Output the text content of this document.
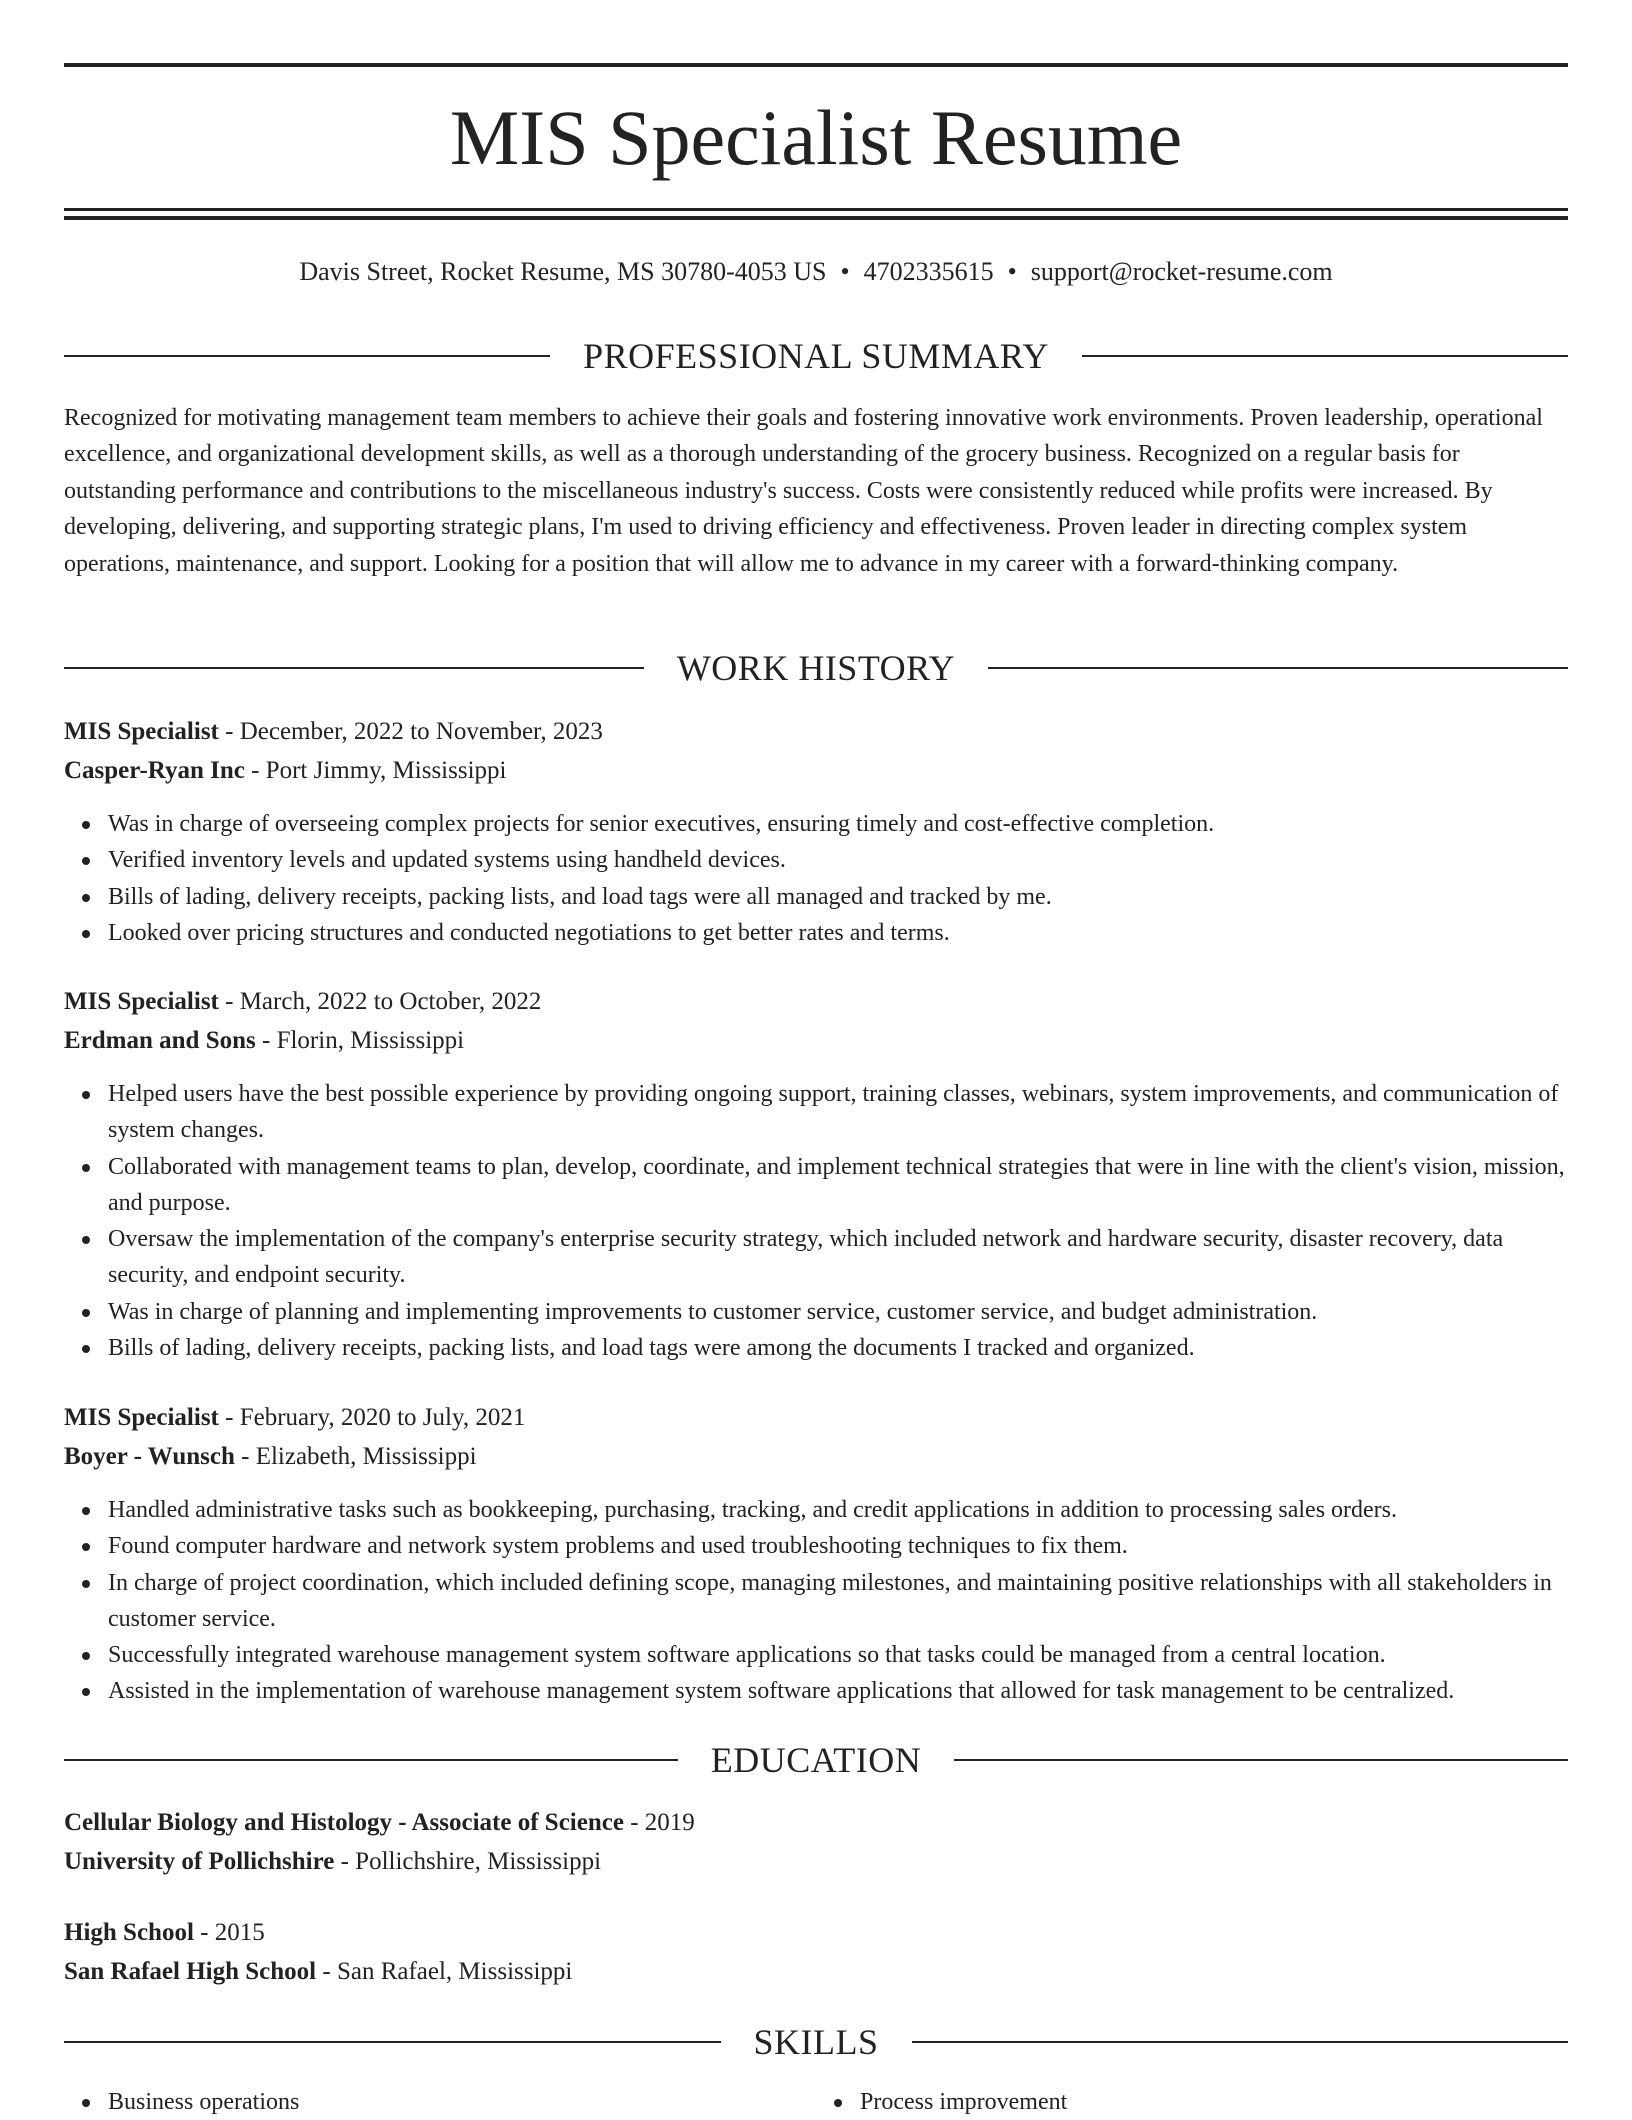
MIS Specialist Resume
Davis Street, Rocket Resume, MS 30780-4053 US • 4702335615 • support@rocket-resume.com
PROFESSIONAL SUMMARY

Recognized for motivating management team members to achieve their goals and fostering innovative work environments. Proven leadership, operational excellence, and organizational development skills, as well as a thorough understanding of the grocery business. Recognized on a regular basis for outstanding performance and contributions to the miscellaneous industry's success. Costs were consistently reduced while profits were increased. By developing, delivering, and supporting strategic plans, I'm used to driving efficiency and effectiveness. Proven leader in directing complex system operations, maintenance, and support. Looking for a position that will allow me to advance in my career with a forward-thinking company.

WORK HISTORY

MIS Specialist - December, 2022 to November, 2023

Casper-Ryan Inc - Port Jimmy, Mississippi

Was in charge of overseeing complex projects for senior executives, ensuring timely and cost-effective completion.
Verified inventory levels and updated systems using handheld devices.
Bills of lading, delivery receipts, packing lists, and load tags were all managed and tracked by me.
Looked over pricing structures and conducted negotiations to get better rates and terms.

MIS Specialist - March, 2022 to October, 2022

Erdman and Sons - Florin, Mississippi

Helped users have the best possible experience by providing ongoing support, training classes, webinars, system improvements, and communication of system changes.
Collaborated with management teams to plan, develop, coordinate, and implement technical strategies that were in line with the client's vision, mission, and purpose.
Oversaw the implementation of the company's enterprise security strategy, which included network and hardware security, disaster recovery, data security, and endpoint security.
Was in charge of planning and implementing improvements to customer service, customer service, and budget administration.
Bills of lading, delivery receipts, packing lists, and load tags were among the documents I tracked and organized.

MIS Specialist - February, 2020 to July, 2021

Boyer - Wunsch - Elizabeth, Mississippi

Handled administrative tasks such as bookkeeping, purchasing, tracking, and credit applications in addition to processing sales orders.
Found computer hardware and network system problems and used troubleshooting techniques to fix them.
In charge of project coordination, which included defining scope, managing milestones, and maintaining positive relationships with all stakeholders in customer service.
Successfully integrated warehouse management system software applications so that tasks could be managed from a central location.
Assisted in the implementation of warehouse management system software applications that allowed for task management to be centralized.
EDUCATION

Cellular Biology and Histology - Associate of Science - 2019

University of Pollichshire - Pollichshire, Mississippi

High School - 2015

San Rafael High School - San Rafael, Mississippi

SKILLS
Business operations	Process improvement
